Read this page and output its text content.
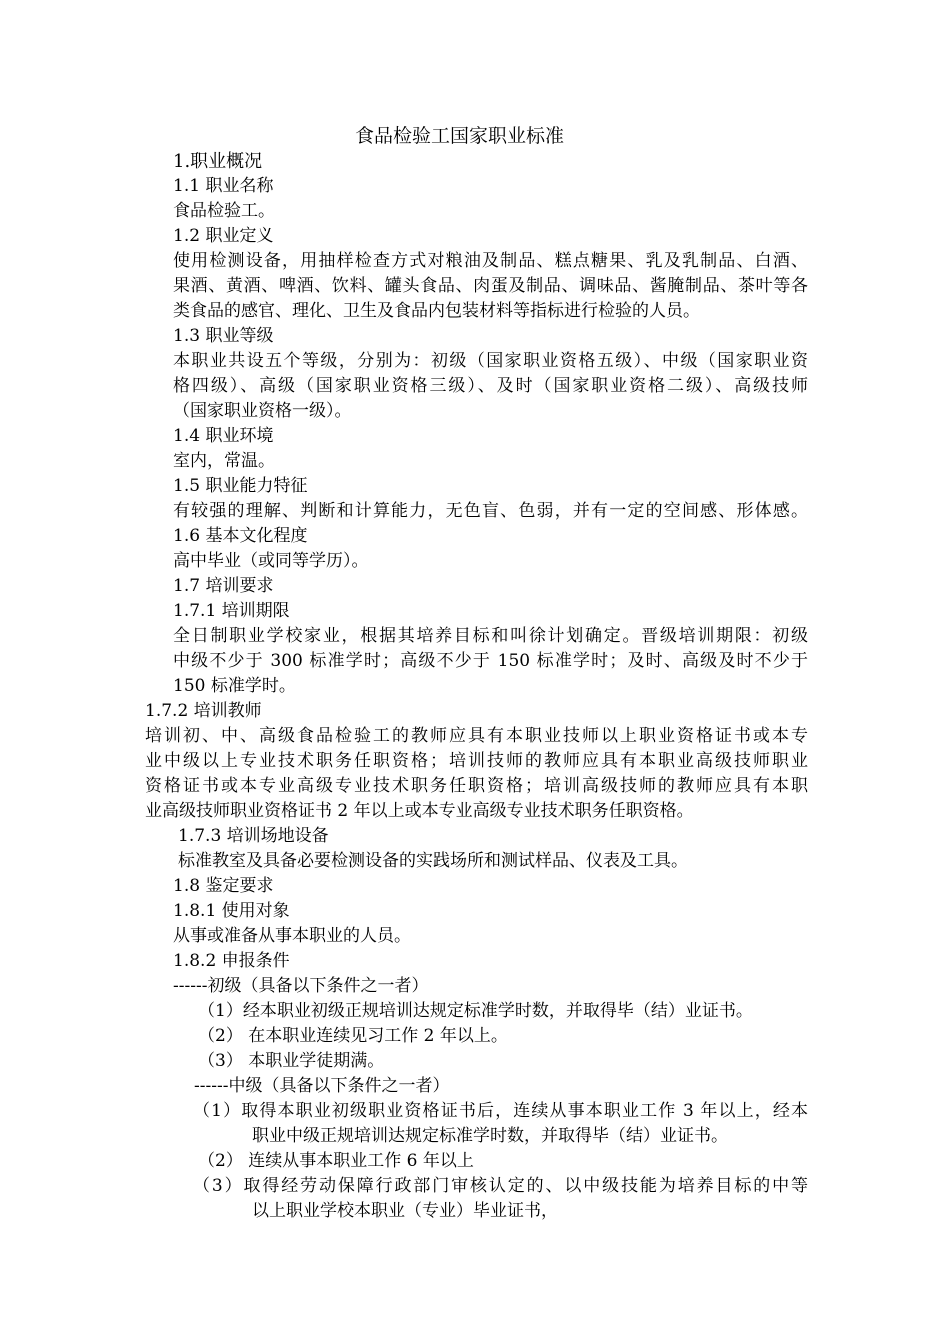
食品检验工国家职业标准
1.职业概况
1.1 职业名称
食品检验工。
1.2 职业定义
使用检测设备，用抽样检查方式对粮油及制品、糕点糖果、乳及乳制品、白酒、
果酒、黄酒、啤酒、饮料、罐头食品、肉蛋及制品、调味品、酱腌制品、茶叶等各
类食品的感官、理化、卫生及食品内包装材料等指标进行检验的人员。
1.3 职业等级
本职业共设五个等级，分别为：初级（国家职业资格五级）、中级（国家职业资
格四级）、高级（国家职业资格三级）、及时（国家职业资格二级）、高级技师
（国家职业资格一级）。
1.4 职业环境
室内，常温。
1.5 职业能力特征
有较强的理解、判断和计算能力，无色盲、色弱，并有一定的空间感、形体感。
1.6 基本文化程度
高中毕业（或同等学历）。
1.7 培训要求
1.7.1 培训期限
全日制职业学校家业，根据其培养目标和叫徐计划确定。晋级培训期限：初级
中级不少于 300 标准学时；高级不少于 150 标准学时；及时、高级及时不少于
150 标准学时。
1.7.2 培训教师
培训初、中、高级食品检验工的教师应具有本职业技师以上职业资格证书或本专
业中级以上专业技术职务任职资格；培训技师的教师应具有本职业高级技师职业
资格证书或本专业高级专业技术职务任职资格；培训高级技师的教师应具有本职
业高级技师职业资格证书 2 年以上或本专业高级专业技术职务任职资格。
1.7.3 培训场地设备
标准教室及具备必要检测设备的实践场所和测试样品、仪表及工具。
1.8 鉴定要求
1.8.1 使用对象
从事或准备从事本职业的人员。
1.8.2 申报条件
------初级（具备以下条件之一者）
（1）经本职业初级正规培训达规定标准学时数，并取得毕（结）业证书。
（2） 在本职业连续见习工作 2 年以上。
（3） 本职业学徒期满。
------中级（具备以下条件之一者）
（1）取得本职业初级职业资格证书后，连续从事本职业工作 3 年以上，经本
职业中级正规培训达规定标准学时数，并取得毕（结）业证书。
（2） 连续从事本职业工作 6 年以上
（3）取得经劳动保障行政部门审核认定的、以中级技能为培养目标的中等
以上职业学校本职业（专业）毕业证书，
